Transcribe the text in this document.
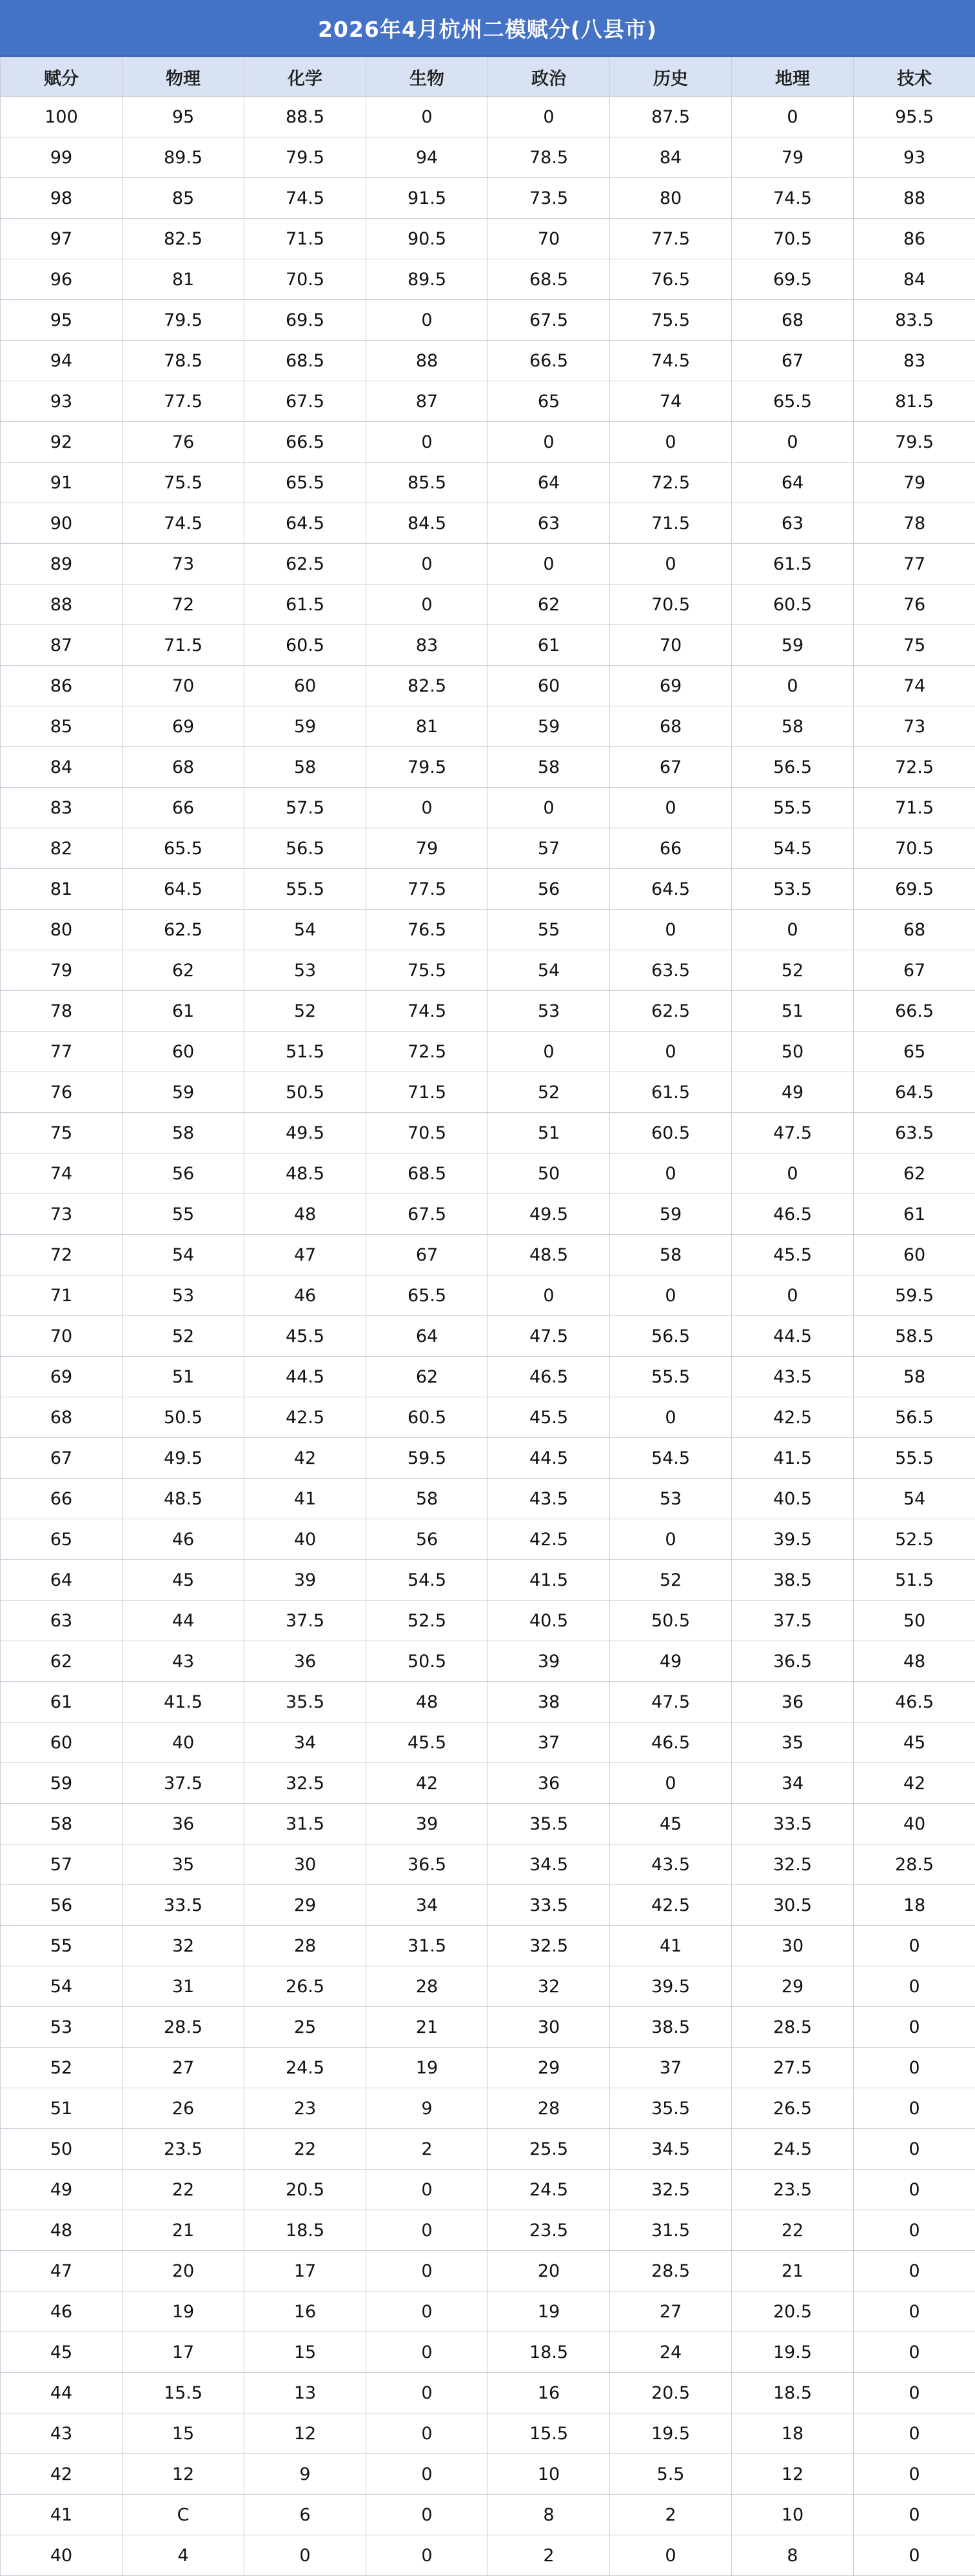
2026年4月杭州二模赋分(八县市)
赋分	物理	化学	生物	政治	历史	地理	技术
100	95	88.5	0	0	87.5	0	95.5
99	89.5	79.5	94	78.5	84	79	93
98	85	74.5	91.5	73.5	80	74.5	88
97	82.5	71.5	90.5	70	77.5	70.5	86
96	81	70.5	89.5	68.5	76.5	69.5	84
95	79.5	69.5	0	67.5	75.5	68	83.5
94	78.5	68.5	88	66.5	74.5	67	83
93	77.5	67.5	87	65	74	65.5	81.5
92	76	66.5	0	0	0	0	79.5
91	75.5	65.5	85.5	64	72.5	64	79
90	74.5	64.5	84.5	63	71.5	63	78
89	73	62.5	0	0	0	61.5	77
88	72	61.5	0	62	70.5	60.5	76
87	71.5	60.5	83	61	70	59	75
86	70	60	82.5	60	69	0	74
85	69	59	81	59	68	58	73
84	68	58	79.5	58	67	56.5	72.5
83	66	57.5	0	0	0	55.5	71.5
82	65.5	56.5	79	57	66	54.5	70.5
81	64.5	55.5	77.5	56	64.5	53.5	69.5
80	62.5	54	76.5	55	0	0	68
79	62	53	75.5	54	63.5	52	67
78	61	52	74.5	53	62.5	51	66.5
77	60	51.5	72.5	0	0	50	65
76	59	50.5	71.5	52	61.5	49	64.5
75	58	49.5	70.5	51	60.5	47.5	63.5
74	56	48.5	68.5	50	0	0	62
73	55	48	67.5	49.5	59	46.5	61
72	54	47	67	48.5	58	45.5	60
71	53	46	65.5	0	0	0	59.5
70	52	45.5	64	47.5	56.5	44.5	58.5
69	51	44.5	62	46.5	55.5	43.5	58
68	50.5	42.5	60.5	45.5	0	42.5	56.5
67	49.5	42	59.5	44.5	54.5	41.5	55.5
66	48.5	41	58	43.5	53	40.5	54
65	46	40	56	42.5	0	39.5	52.5
64	45	39	54.5	41.5	52	38.5	51.5
63	44	37.5	52.5	40.5	50.5	37.5	50
62	43	36	50.5	39	49	36.5	48
61	41.5	35.5	48	38	47.5	36	46.5
60	40	34	45.5	37	46.5	35	45
59	37.5	32.5	42	36	0	34	42
58	36	31.5	39	35.5	45	33.5	40
57	35	30	36.5	34.5	43.5	32.5	28.5
56	33.5	29	34	33.5	42.5	30.5	18
55	32	28	31.5	32.5	41	30	0
54	31	26.5	28	32	39.5	29	0
53	28.5	25	21	30	38.5	28.5	0
52	27	24.5	19	29	37	27.5	0
51	26	23	9	28	35.5	26.5	0
50	23.5	22	2	25.5	34.5	24.5	0
49	22	20.5	0	24.5	32.5	23.5	0
48	21	18.5	0	23.5	31.5	22	0
47	20	17	0	20	28.5	21	0
46	19	16	0	19	27	20.5	0
45	17	15	0	18.5	24	19.5	0
44	15.5	13	0	16	20.5	18.5	0
43	15	12	0	15.5	19.5	18	0
42	12	9	0	10	5.5	12	0
41	C	6	0	8	2	10	0
40	4	0	0	2	0	8	0
